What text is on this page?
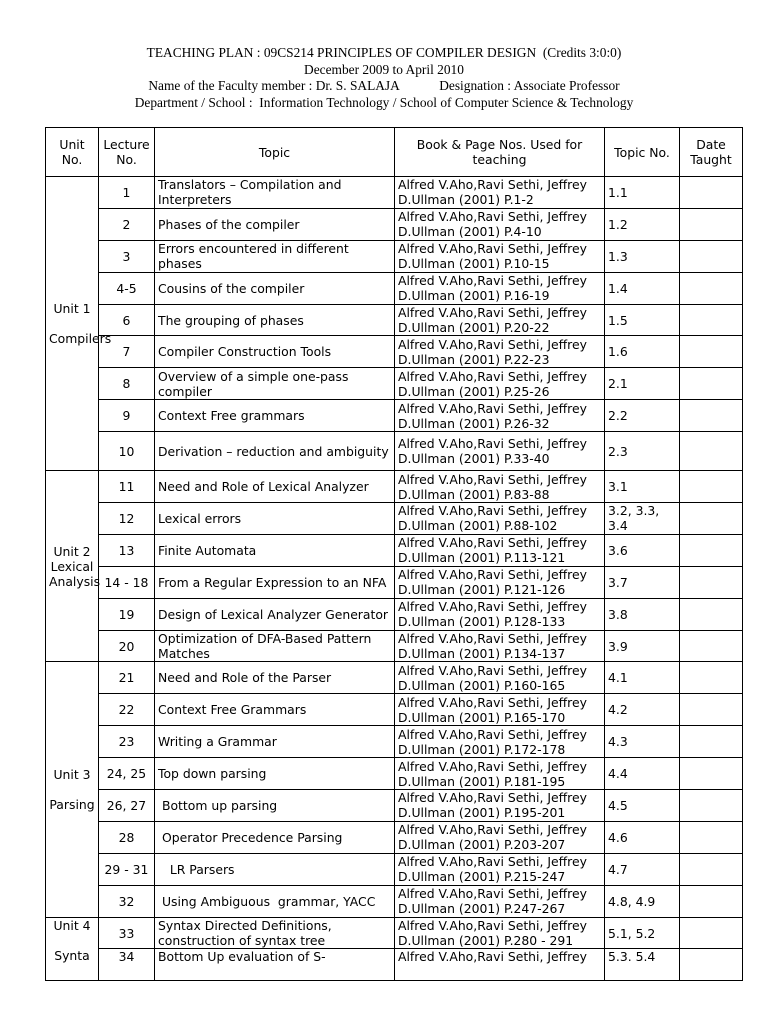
TEACHING PLAN : 09CS214 PRINCIPLES OF COMPILER DESIGN  (Credits 3:0:0)
December 2009 to April 2010
Name of the Faculty member : Dr. S. SALAJA            Designation : Associate Professor
Department / School :  Information Technology / School of Computer Science & Technology
Unit No.	Lecture No.	Topic	Book & Page Nos. Used for teaching	Topic No.	Date Taught
Unit 1

Compilers	1	Translators – Compilation and Interpreters	Alfred V.Aho,Ravi Sethi, Jeffrey D.Ullman (2001) P.1-2	1.1	
	2	Phases of the compiler	Alfred V.Aho,Ravi Sethi, Jeffrey D.Ullman (2001) P.4-10	1.2	
	3	Errors encountered in different phases	Alfred V.Aho,Ravi Sethi, Jeffrey D.Ullman (2001) P.10-15	1.3	
	4-5	Cousins of the compiler	Alfred V.Aho,Ravi Sethi, Jeffrey D.Ullman (2001) P.16-19	1.4	
	6	The grouping of phases	Alfred V.Aho,Ravi Sethi, Jeffrey D.Ullman (2001) P.20-22	1.5	
	7	Compiler Construction Tools	Alfred V.Aho,Ravi Sethi, Jeffrey D.Ullman (2001) P.22-23	1.6	
	8	Overview of a simple one-pass compiler	Alfred V.Aho,Ravi Sethi, Jeffrey D.Ullman (2001) P.25-26	2.1	
	9	Context Free grammars	Alfred V.Aho,Ravi Sethi, Jeffrey D.Ullman (2001) P.26-32	2.2	
	10	Derivation – reduction and ambiguity	Alfred V.Aho,Ravi Sethi, Jeffrey D.Ullman (2001) P.33-40	2.3	
Unit 2
Lexical Analysis	11	Need and Role of Lexical Analyzer	Alfred V.Aho,Ravi Sethi, Jeffrey D.Ullman (2001) P.83-88	3.1	
	12	Lexical errors	Alfred V.Aho,Ravi Sethi, Jeffrey D.Ullman (2001) P.88-102	3.2, 3.3, 3.4	
	13	Finite Automata	Alfred V.Aho,Ravi Sethi, Jeffrey D.Ullman (2001) P.113-121	3.6	
	14 - 18	From a Regular Expression to an NFA	Alfred V.Aho,Ravi Sethi, Jeffrey D.Ullman (2001) P.121-126	3.7	
	19	Design of Lexical Analyzer Generator	Alfred V.Aho,Ravi Sethi, Jeffrey D.Ullman (2001) P.128-133	3.8	
	20	Optimization of DFA-Based Pattern Matches	Alfred V.Aho,Ravi Sethi, Jeffrey D.Ullman (2001) P.134-137	3.9	
Unit 3

Parsing	21	Need and Role of the Parser	Alfred V.Aho,Ravi Sethi, Jeffrey D.Ullman (2001) P.160-165	4.1	
	22	Context Free Grammars	Alfred V.Aho,Ravi Sethi, Jeffrey D.Ullman (2001) P.165-170	4.2	
	23	Writing a Grammar	Alfred V.Aho,Ravi Sethi, Jeffrey D.Ullman (2001) P.172-178	4.3	
	24, 25	Top down parsing	Alfred V.Aho,Ravi Sethi, Jeffrey D.Ullman (2001) P.181-195	4.4	
	26, 27	Bottom up parsing	Alfred V.Aho,Ravi Sethi, Jeffrey D.Ullman (2001) P.195-201	4.5	
	28	Operator Precedence Parsing	Alfred V.Aho,Ravi Sethi, Jeffrey D.Ullman (2001) P.203-207	4.6	
	29 - 31	LR Parsers	Alfred V.Aho,Ravi Sethi, Jeffrey D.Ullman (2001) P.215-247	4.7	
	32	Using Ambiguous  grammar, YACC	Alfred V.Aho,Ravi Sethi, Jeffrey D.Ullman (2001) P.247-267	4.8, 4.9	
Unit 4

Synta	33	Syntax Directed Definitions, construction of syntax tree	Alfred V.Aho,Ravi Sethi, Jeffrey D.Ullman (2001) P.280 - 291	5.1, 5.2	
	34	Bottom Up evaluation of S-	Alfred V.Aho,Ravi Sethi, Jeffrey	5.3. 5.4	
